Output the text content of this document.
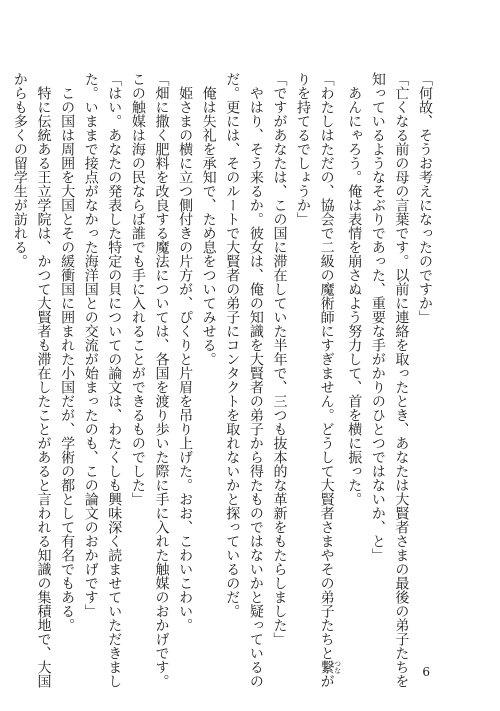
「何故、そうお考えになったのですか」
「亡くなる前の母の言葉です。以前に連絡を取ったとき、あなたは大賢者さまの最後の弟子たちを
知っているようなそぶりであった、重要な手がかりのひとつではないか、と」
　あんにゃろう。俺は表情を崩さぬよう努力して、首を横に振った。
「わたしはただの、協会で二級の魔術師にすぎません。どうして大賢者さまやその弟子たちと繋 つなが
りを持てるでしょうか」
「ですがあなたは、この国に滞在していた半年で、三つも抜本的な革新をもたらしました」
　やはり、そう来るか。彼女は、俺の知識を大賢者の弟子から得たものではないかと疑っているの
だ。更には、そのルートで大賢者の弟子にコンタクトを取れないかと探っているのだ。
　俺は失礼を承知で、ため息をついてみせる。
　姫さまの横に立つ側付きの片方が、ぴくりと片眉を吊り上げた。おお、こわいこわい。
「畑に撒く肥料を改良する魔法については、各国を渡り歩いた際に手に入れた触媒のおかげです。
この触媒は海の民ならば誰でも手に入れることができるものでした」
「はい。あなたの発表した特定の貝についての論文は、わたくしも興味深く読ませていただきまし
た。いままで接点がなかった海洋国との交流が始まったのも、この論文のおかげです」
　この国は周囲を大国とその緩衝国に囲まれた小国だが、学術の都として有名でもある。
　特に伝統ある王立学院は、かつて大賢者も滞在したことがあると言われる知識の集積地で、大国
からも多くの留学生が訪れる。
6
